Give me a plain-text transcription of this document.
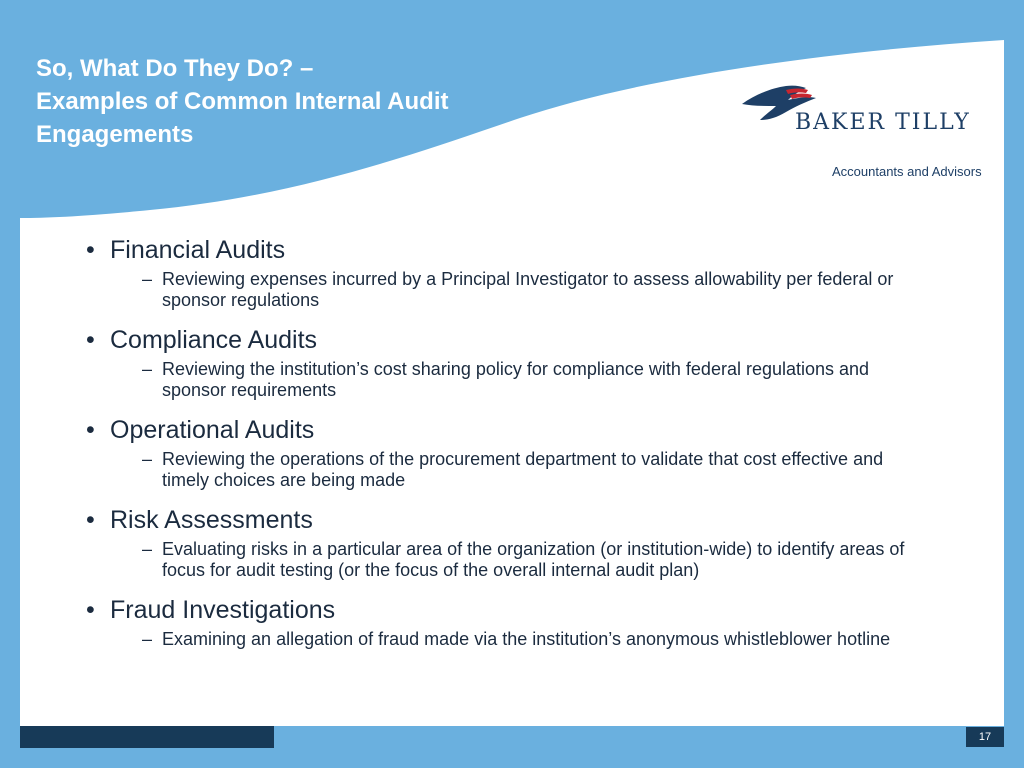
So, What Do They Do? –
Examples of Common Internal Audit
Engagements	BAKER TILLY
Accountants and Advisors
• Financial Audits
– Reviewing expenses incurred by a Principal Investigator to assess allowability per federal or sponsor regulations
• Compliance Audits
– Reviewing the institution’s cost sharing policy for compliance with federal regulations and sponsor requirements
• Operational Audits
– Reviewing the operations of the procurement department to validate that cost effective and timely choices are being made
• Risk Assessments
– Evaluating risks in a particular area of the organization (or institution-wide) to identify areas of focus for audit testing (or the focus of the overall internal audit plan)
• Fraud Investigations
– Examining an allegation of fraud made via the institution’s anonymous whistleblower hotline
17
